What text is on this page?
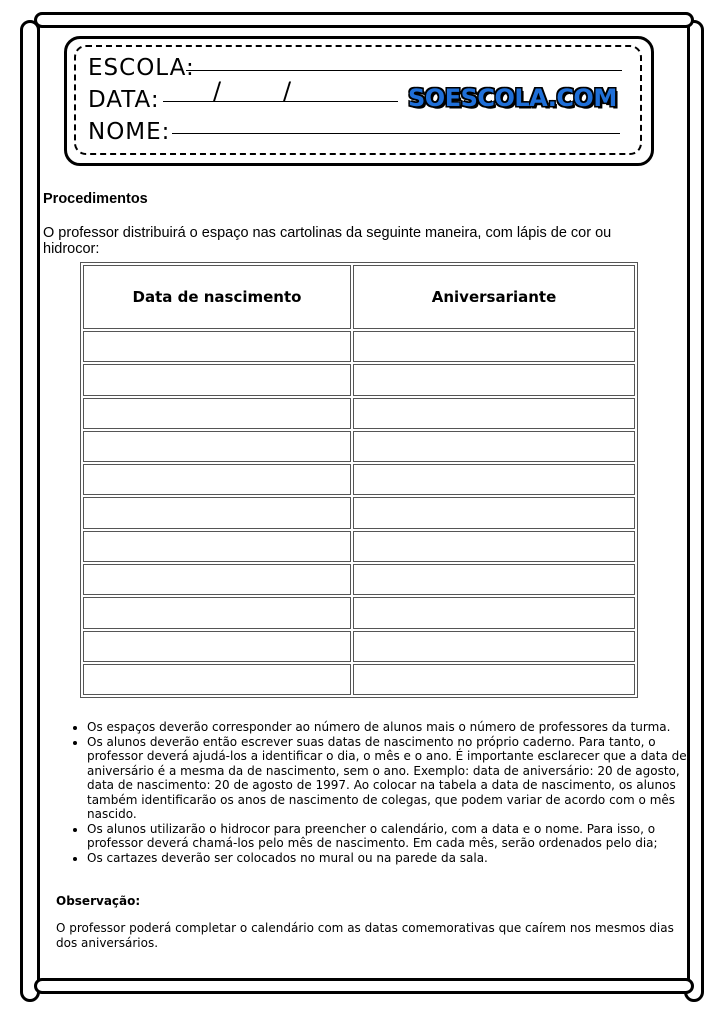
ESCOLA:
DATA: /	/	SOESCOLA.COM
NOME:
Procedimentos
O professor distribuirá o espaço nas cartolinas da seguinte maneira, com lápis de cor ou hidrocor:
Data de nascimento	Aniversariante

• Os espaços deverão corresponder ao número de alunos mais o número de professores da turma.
• Os alunos deverão então escrever suas datas de nascimento no próprio caderno. Para tanto, o professor deverá ajudá-los a identificar o dia, o mês e o ano. É importante esclarecer que a data de aniversário é a mesma da de nascimento, sem o ano. Exemplo: data de aniversário: 20 de agosto, data de nascimento: 20 de agosto de 1997. Ao colocar na tabela a data de nascimento, os alunos também identificarão os anos de nascimento de colegas, que podem variar de acordo com o mês nascido.
• Os alunos utilizarão o hidrocor para preencher o calendário, com a data e o nome. Para isso, o professor deverá chamá-los pelo mês de nascimento. Em cada mês, serão ordenados pelo dia;
• Os cartazes deverão ser colocados no mural ou na parede da sala.
Observação:
O professor poderá completar o calendário com as datas comemorativas que caírem nos mesmos dias dos aniversários.
